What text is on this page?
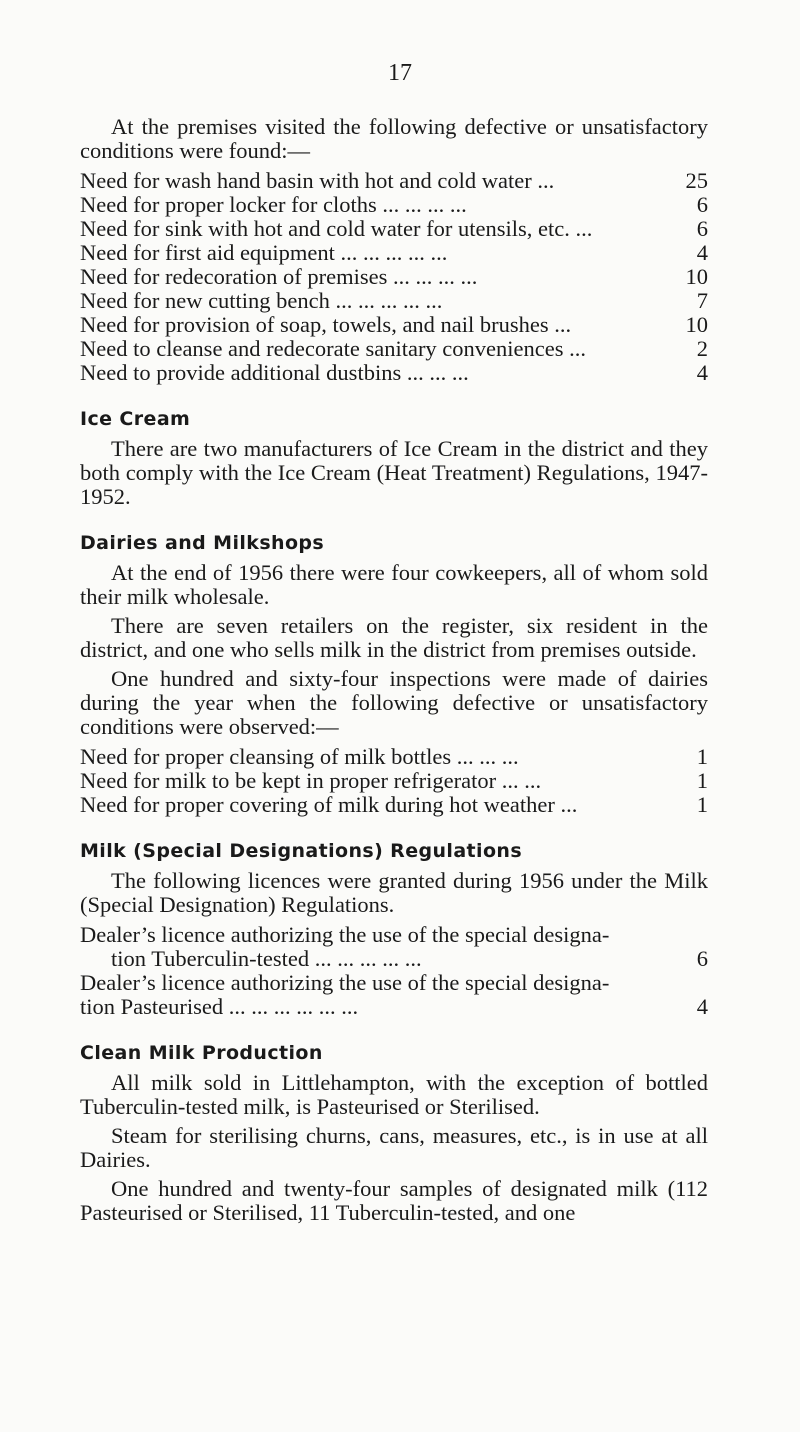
17

At the premises visited the following defective or unsatisfactory conditions were found:—

Need for wash hand basin with hot and cold water ...	25
Need for proper locker for cloths ... ... ... ...	6
Need for sink with hot and cold water for utensils, etc. ...	6
Need for first aid equipment ... ... ... ... ...	4
Need for redecoration of premises ... ... ... ...	10
Need for new cutting bench ... ... ... ... ...	7
Need for provision of soap, towels, and nail brushes ...	10
Need to cleanse and redecorate sanitary conveniences ...	2
Need to provide additional dustbins ... ... ...	4
Ice Cream

There are two manufacturers of Ice Cream in the district and they both comply with the Ice Cream (Heat Treatment) Regulations, 1947-1952.

Dairies and Milkshops

At the end of 1956 there were four cowkeepers, all of whom sold their milk wholesale.

There are seven retailers on the register, six resident in the district, and one who sells milk in the district from premises outside.

One hundred and sixty-four inspections were made of dairies during the year when the following defective or unsatisfactory conditions were observed:—

Need for proper cleansing of milk bottles ... ... ...	1
Need for milk to be kept in proper refrigerator ... ...	1
Need for proper covering of milk during hot weather ...	1
Milk (Special Designations) Regulations

The following licences were granted during 1956 under the Milk (Special Designation) Regulations.

Dealer’s licence authorizing the use of the special designa-
tion Tuberculin-tested ... ... ... ... ...	6
Dealer’s licence authorizing the use of the special designa-
tion Pasteurised ... ... ... ... ... ...	4
Clean Milk Production

All milk sold in Littlehampton, with the exception of bottled Tuberculin-tested milk, is Pasteurised or Sterilised.

Steam for sterilising churns, cans, measures, etc., is in use at all Dairies.

One hundred and twenty-four samples of designated milk (112 Pasteurised or Sterilised, 11 Tuberculin-tested, and one
